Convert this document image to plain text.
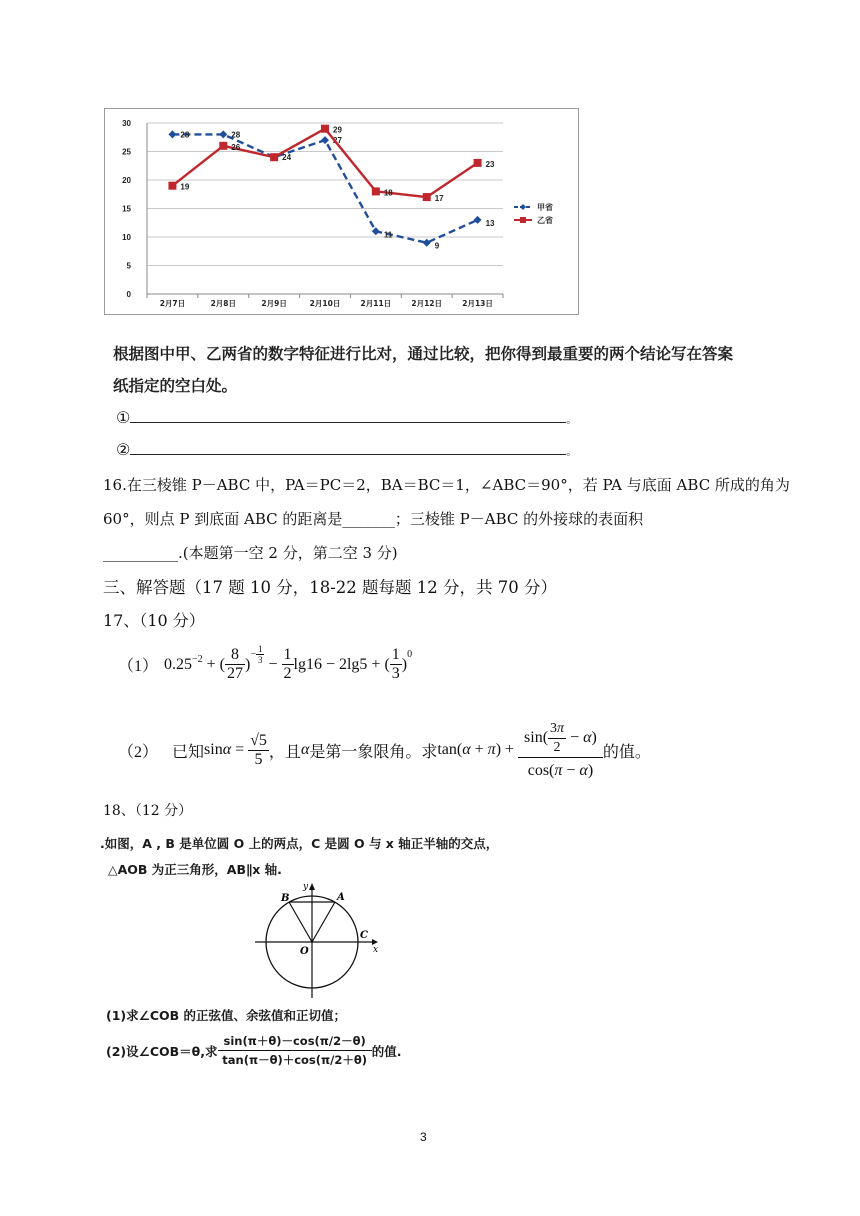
0
5
10
15
20
25
30
2月7日	2月8日	2月9日	2月10日	2月11日	2月12日	2月13日
28	28
24
27
11
9
13
19
26
29
18
17
23
甲省
乙省
根据图中甲、乙两省的数字特征进行比对，通过比较，把你得到最重要的两个结论写在答案
纸指定的空白处。
①	。
②	。
16.在三棱锥 P－ABC 中，PA＝PC＝2，BA＝BC＝1，∠ABC＝90°，若 PA 与底面 ABC 所成的角为
60°，则点 P 到底面 ABC 的距离是_______；三棱锥 P－ABC 的外接球的表面积
__________.(本题第一空 2 分，第二空 3 分)
三、解答题（17 题 10 分，18-22 题每题 12 分，共 70 分）
17、（10 分）
（1） 0.25 −2 + ( $\frac{8}{27}$ )
− $\frac{1}{3} - \frac{1}{2} \lg 16 - 2\lg 5$ + ( $\frac{1}{3}$ )
0
（2） 已知 $\sin \alpha = \frac{√5}{5}$ ，且 α 是第一象限角。求 tan( α + π ) + $\frac{\sin( \frac{3\pi}{2} - \alpha)}{\cos(\pi - \alpha)}$ 的值。
18、（12 分）
.如图，A , B 是单位圆 O 上的两点，C 是圆 O 与 x 轴正半轴的交点，
△AOB 为正三角形，AB∥x 轴.
B	A
C
O	x
y
(1)求∠COB 的正弦值、余弦值和正切值；
(2)设∠COB＝θ,求 $\frac{\sin(\pi+\theta)-\cos(\pi/2-\theta)}{\tan(\pi-\theta)+\cos(\pi/2+\theta)}$ 的值.
3
